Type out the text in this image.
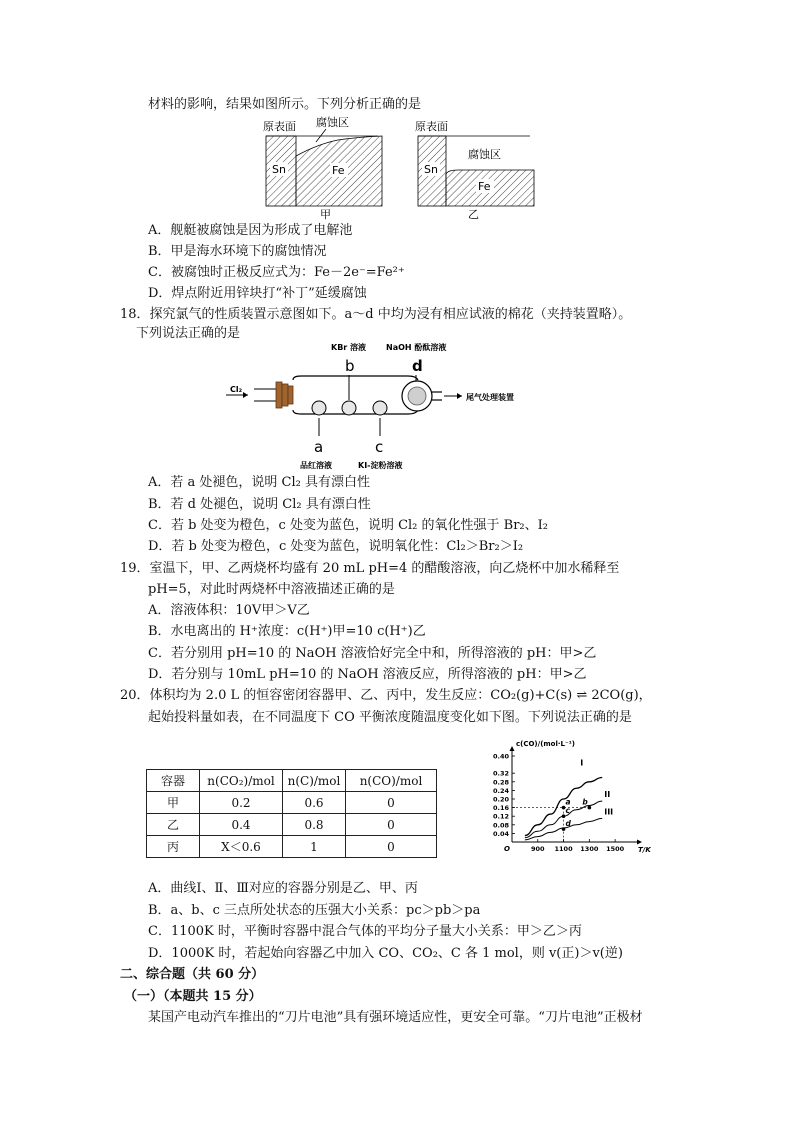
材料的影响，结果如图所示。下列分析正确的是
原表面 腐蚀区
Sn	Fe
甲
原表面
腐蚀区
Sn
Fe
乙
A．舰艇被腐蚀是因为形成了电解池
B．甲是海水环境下的腐蚀情况
C．被腐蚀时正极反应式为：Fe－2e⁻=Fe²⁺
D．焊点附近用锌块打“补丁”延缓腐蚀
18．探究氯气的性质装置示意图如下。a～d 中均为浸有相应试液的棉花（夹持装置略）。
下列说法正确的是
KBr 溶液 NaOH 酚酞溶液
b	d
Cl₂
尾气处理装置
a	c
品红溶液	KI-淀粉溶液
A．若 a 处褪色，说明 Cl₂ 具有漂白性
B．若 d 处褪色，说明 Cl₂ 具有漂白性
C．若 b 处变为橙色，c 处变为蓝色，说明 Cl₂ 的氧化性强于 Br₂、I₂
D．若 b 处变为橙色，c 处变为蓝色，说明氧化性：Cl₂＞Br₂＞I₂
19．室温下，甲、乙两烧杯均盛有 20 mL pH=4 的醋酸溶液，向乙烧杯中加水稀释至
pH=5，对此时两烧杯中溶液描述正确的是
A．溶液体积：10V甲＞V乙
B．水电离出的 H⁺浓度：c(H⁺)甲=10 c(H⁺)乙
C．若分别用 pH=10 的 NaOH 溶液恰好完全中和，所得溶液的 pH：甲>乙
D．若分别与 10mL pH=10 的 NaOH 溶液反应，所得溶液的 pH：甲>乙
20．体积均为 2.0 L 的恒容密闭容器甲、乙、丙中，发生反应：CO₂(g)+C(s) ⇌ 2CO(g)，
起始投料量如表，在不同温度下 CO 平衡浓度随温度变化如下图。下列说法正确的是
容器	n(CO₂)/mol	n(C)/mol	n(CO)/mol
甲	0.2	0.6	0
乙	0.4	0.8	0
丙	X＜0.6	1	0
c(CO)/(mol·L⁻¹)
T/K
O
0.04
0.08
0.12
0.16
0.20
0.24
0.28
0.32
0.40
900 1100 1300 1500
I
II
III
a b
c
d
A．曲线Ⅰ、Ⅱ、Ⅲ对应的容器分别是乙、甲、丙
B．a、b、c 三点所处状态的压强大小关系：pc＞pb＞pa
C．1100K 时，平衡时容器中混合气体的平均分子量大小关系：甲＞乙＞丙
D．1000K 时，若起始向容器乙中加入 CO、CO₂、C 各 1 mol，则 v(正)＞v(逆)
二、综合题（共 60 分）
（一）（本题共 15 分）
某国产电动汽车推出的“刀片电池”具有强环境适应性，更安全可靠。“刀片电池”正极材
